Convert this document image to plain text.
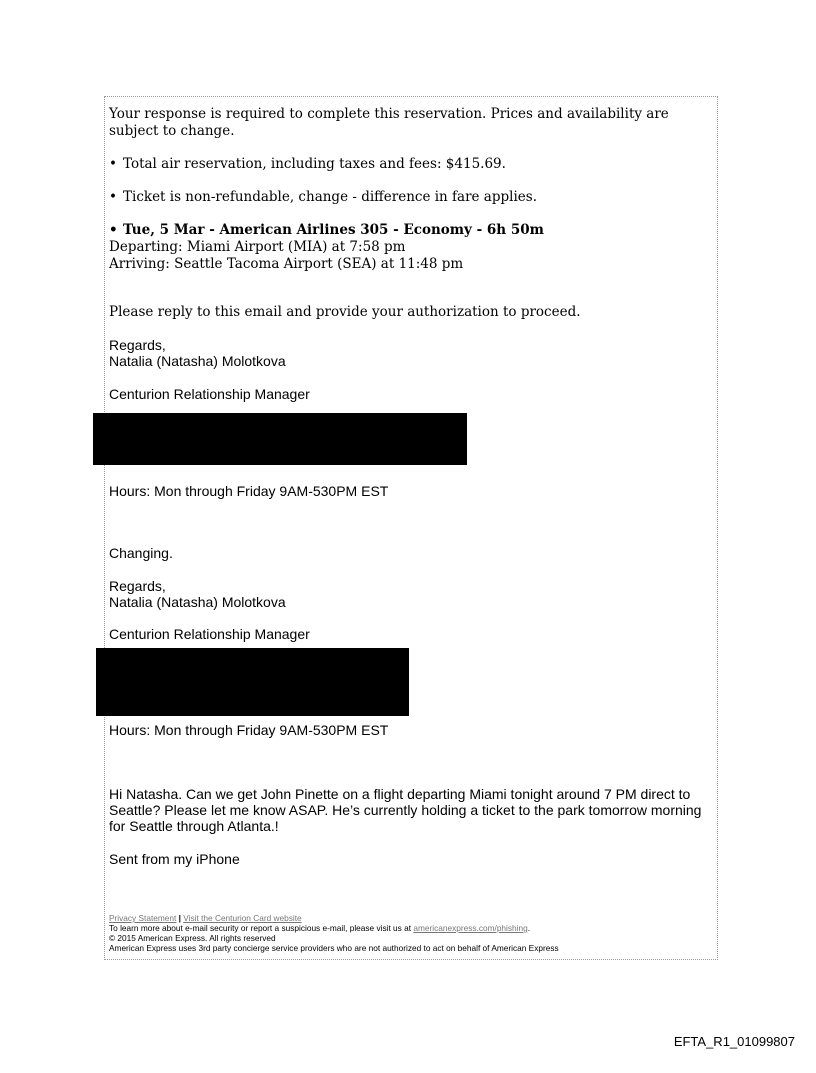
Your response is required to complete this reservation. Prices and availability are subject to change.

• Total air reservation, including taxes and fees: $415.69.

• Ticket is non-refundable, change - difference in fare applies.

• Tue, 5 Mar - American Airlines 305 - Economy - 6h 50m

Departing: Miami Airport (MIA) at 7:58 pm

Arriving: Seattle Tacoma Airport (SEA) at 11:48 pm

Please reply to this email and provide your authorization to proceed.

Regards,

Natalia (Natasha) Molotkova

Centurion Relationship Manager

Hours: Mon through Friday 9AM-530PM EST

Changing.

Regards,

Natalia (Natasha) Molotkova

Centurion Relationship Manager

Hours: Mon through Friday 9AM-530PM EST

Hi Natasha. Can we get John Pinette on a flight departing Miami tonight around 7 PM direct to

Seattle? Please let me know ASAP. He’s currently holding a ticket to the park tomorrow morning

for Seattle through Atlanta.!

Sent from my iPhone

Privacy Statement | Visit the Centurion Card website
To learn more about e-mail security or report a suspicious e-mail, please visit us at americanexpress.com/phishing.
© 2015 American Express. All rights reserved
American Express uses 3rd party concierge service providers who are not authorized to act on behalf of American Express
EFTA_R1_01099807
